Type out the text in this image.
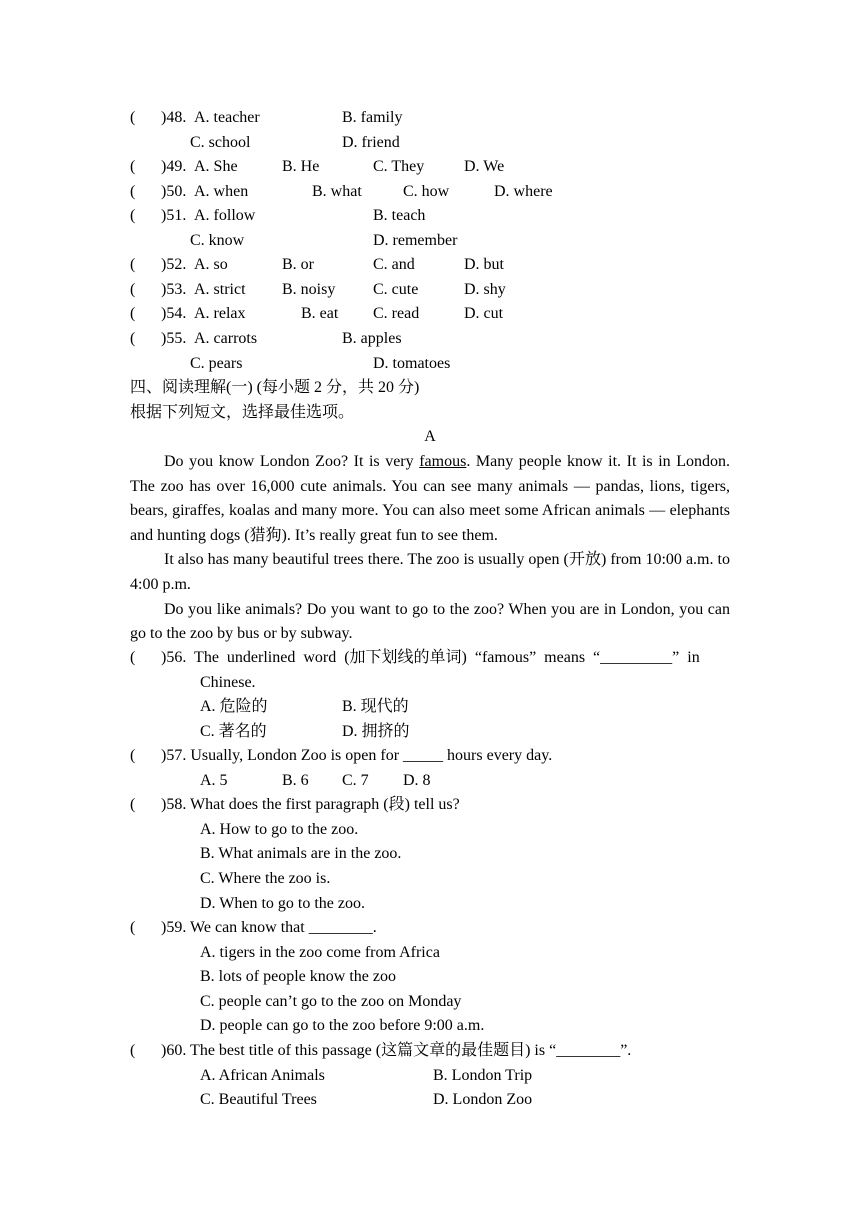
(	)48. A. teacher	B. family
C. school	D. friend
(	)49. A. She	B. He	C. They D. We
(	)50. A. when	B. what	C. how	D. where
(	)51. A. follow	B. teach
C. know	D. remember
(	)52. A. so	B. or	C. and	D. but
(	)53. A. strict B. noisy C. cute	D. shy
(	)54. A. relax	B. eat C. read	D. cut
(	)55. A. carrots	B. apples
C. pears	D. tomatoes
四、阅读理解(一) (每小题 2 分，共 20 分)
根据下列短文，选择最佳选项。
A

Do you know London Zoo? It is very famous. Many people know it. It is in London. The zoo has over 16,000 cute animals. You can see many animals — pandas, lions, tigers, bears, giraffes, koalas and many more. You can also meet some African animals — elephants and hunting dogs (猎狗). It’s really great fun to see them.

It also has many beautiful trees there. The zoo is usually open (开放) from 10:00 a.m. to 4:00 p.m.

Do you like animals? Do you want to go to the zoo? When you are in London, you can go to the zoo by bus or by subway.

(	)56.  The  underlined  word  (加下划线的单词)  “famous”  means  “_________”  in
Chinese.
A. 危险的	B. 现代的
C. 著名的	D. 拥挤的
(	)57. Usually, London Zoo is open for _____ hours every day.
A. 5	B. 6 C. 7 D. 8
(	)58. What does the first paragraph (段) tell us?
A. How to go to the zoo.
B. What animals are in the zoo.
C. Where the zoo is.
D. When to go to the zoo.
(	)59. We can know that ________.
A. tigers in the zoo come from Africa
B. lots of people know the zoo
C. people can’t go to the zoo on Monday
D. people can go to the zoo before 9:00 a.m.
(	)60. The best title of this passage (这篇文章的最佳题目) is “________”.
A. African Animals	B. London Trip
C. Beautiful Trees	D. London Zoo
